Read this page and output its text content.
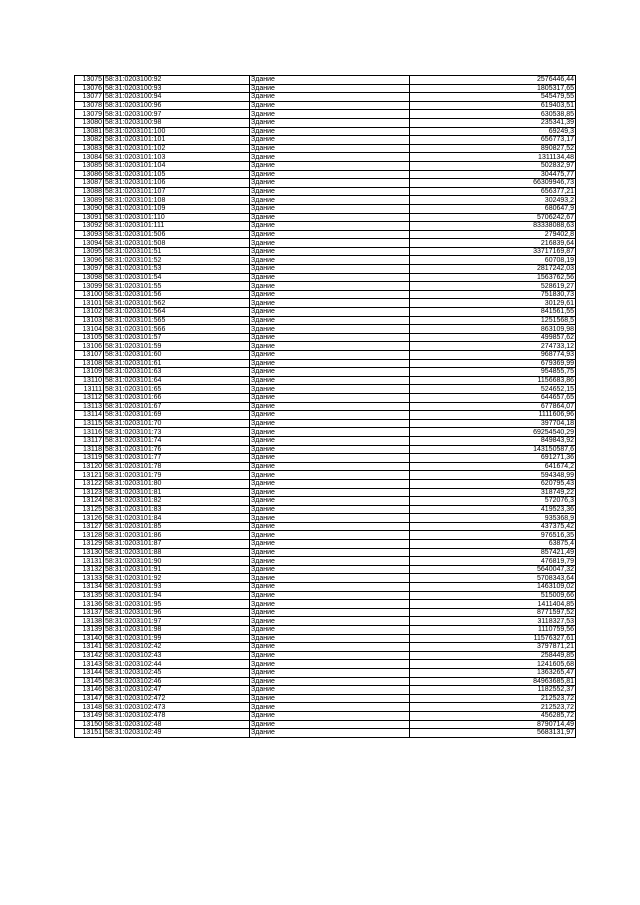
13075	58:31:0203100:92	Здание	2576446,44
13076	58:31:0203100:93	Здание	1805317,65
13077	58:31:0203100:94	Здание	545479,55
13078	58:31:0203100:96	Здание	619403,51
13079	58:31:0203100:97	Здание	630538,85
13080	58:31:0203100:98	Здание	235341,39
13081	58:31:0203101:100	Здание	69249,3
13082	58:31:0203101:101	Здание	656773,17
13083	58:31:0203101:102	Здание	890827,52
13084	58:31:0203101:103	Здание	1311134,48
13085	58:31:0203101:104	Здание	502832,97
13086	58:31:0203101:105	Здание	304475,77
13087	58:31:0203101:106	Здание	66309946,73
13088	58:31:0203101:107	Здание	656377,21
13089	58:31:0203101:108	Здание	302493,2
13090	58:31:0203101:109	Здание	680647,9
13091	58:31:0203101:110	Здание	5706242,67
13092	58:31:0203101:111	Здание	83338088,63
13093	58:31:0203101:506	Здание	279402,8
13094	58:31:0203101:508	Здание	216839,64
13095	58:31:0203101:51	Здание	33717169,87
13096	58:31:0203101:52	Здание	60708,19
13097	58:31:0203101:53	Здание	2817242,03
13098	58:31:0203101:54	Здание	1563762,56
13099	58:31:0203101:55	Здание	528619,27
13100	58:31:0203101:56	Здание	751830,73
13101	58:31:0203101:562	Здание	30129,61
13102	58:31:0203101:564	Здание	841561,55
13103	58:31:0203101:565	Здание	1251568,5
13104	58:31:0203101:566	Здание	863109,98
13105	58:31:0203101:57	Здание	499857,62
13106	58:31:0203101:59	Здание	274733,12
13107	58:31:0203101:60	Здание	968774,93
13108	58:31:0203101:61	Здание	679369,99
13109	58:31:0203101:63	Здание	954855,75
13110	58:31:0203101:64	Здание	1156683,86
13111	58:31:0203101:65	Здание	524652,15
13112	58:31:0203101:66	Здание	644657,65
13113	58:31:0203101:67	Здание	677864,07
13114	58:31:0203101:69	Здание	1111606,96
13115	58:31:0203101:70	Здание	397704,18
13116	58:31:0203101:73	Здание	69254540,29
13117	58:31:0203101:74	Здание	849843,92
13118	58:31:0203101:76	Здание	143150587,6
13119	58:31:0203101:77	Здание	691271,36
13120	58:31:0203101:78	Здание	641674,2
13121	58:31:0203101:79	Здание	594348,99
13122	58:31:0203101:80	Здание	620795,43
13123	58:31:0203101:81	Здание	318749,22
13124	58:31:0203101:82	Здание	572076,3
13125	58:31:0203101:83	Здание	419523,36
13126	58:31:0203101:84	Здание	935368,9
13127	58:31:0203101:85	Здание	437375,42
13128	58:31:0203101:86	Здание	976516,35
13129	58:31:0203101:87	Здание	63875,4
13130	58:31:0203101:88	Здание	857421,49
13131	58:31:0203101:90	Здание	476819,79
13132	58:31:0203101:91	Здание	5640047,32
13133	58:31:0203101:92	Здание	5708343,64
13134	58:31:0203101:93	Здание	1463109,02
13135	58:31:0203101:94	Здание	515009,66
13136	58:31:0203101:95	Здание	1411404,85
13137	58:31:0203101:96	Здание	8771597,52
13138	58:31:0203101:97	Здание	3118327,53
13139	58:31:0203101:98	Здание	1110759,56
13140	58:31:0203101:99	Здание	11576327,61
13141	58:31:0203102:42	Здание	3797871,21
13142	58:31:0203102:43	Здание	258449,85
13143	58:31:0203102:44	Здание	1241605,68
13144	58:31:0203102:45	Здание	1363265,47
13145	58:31:0203102:46	Здание	84963685,81
13146	58:31:0203102:47	Здание	1182552,37
13147	58:31:0203102:472	Здание	212523,72
13148	58:31:0203102:473	Здание	212523,72
13149	58:31:0203102:478	Здание	456285,72
13150	58:31:0203102:48	Здание	8790714,49
13151	58:31:0203102:49	Здание	5683131,97
